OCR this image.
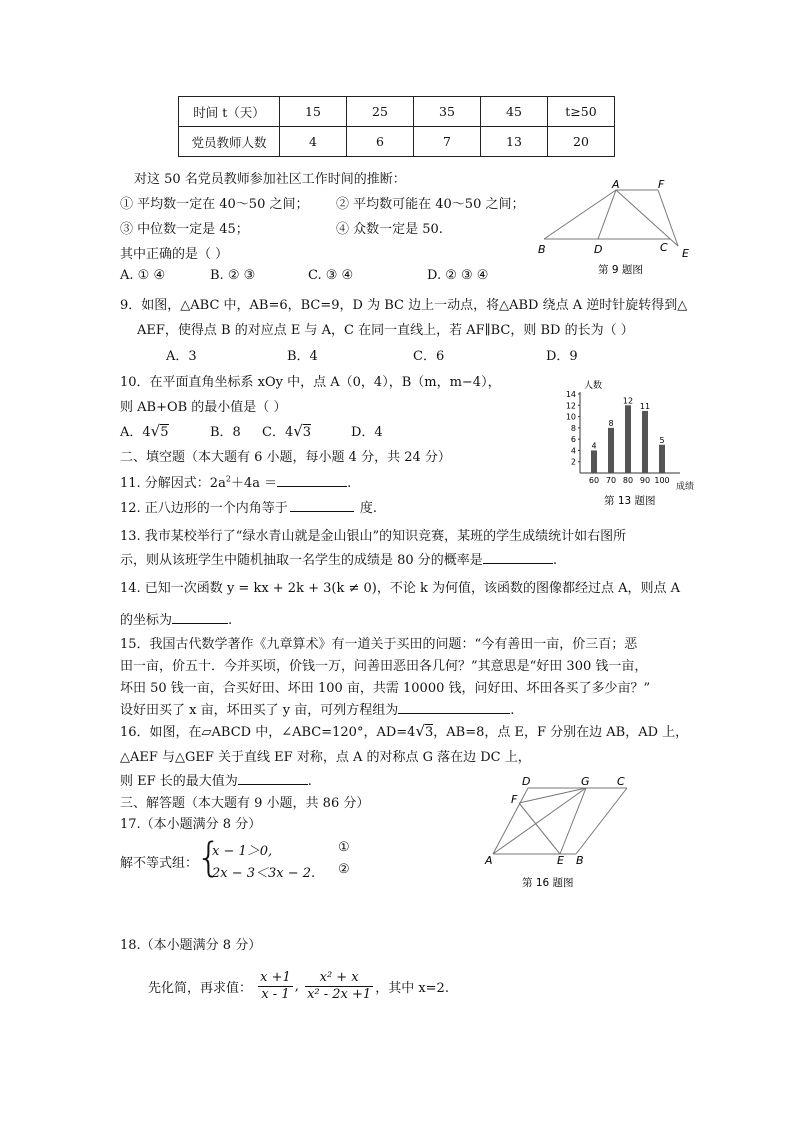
时间 t（天）	15	25	35	45	t≥50
党员教师人数	4	6	7	13	20
对这 50 名党员教师参加社区工作时间的推断：
① 平均数一定在 40～50 之间； ② 平均数可能在 40～50 之间；
③ 中位数一定是 45；	④ 众数一定是 50.
其中正确的是（ ）
A. ① ④	B. ② ③	C. ③ ④	D. ② ③ ④
A	F
B	D	C E
第 9 题图
9．如图，△ABC 中，AB=6，BC=9，D 为 BC 边上一动点，将△ABD 绕点 A 逆时针旋转得到△
AEF，使得点 B 的对应点 E 与 A，C 在同一直线上，若 AF∥BC，则 BD 的长为（ ）
A．3	B．4	C．6	D．9
10．在平面直角坐标系 xOy 中，点 A（0，4），B（m，m−4），
则 AB+OB 的最小值是（ ）
A．4√5	B．8 C．4√3	D．4
人数
成绩
第 13 题图
2
4
6
8
10
12
14
4
60
8
70
12
80
11
90
5
100
二、填空题（本大题有 6 小题，每小题 4 分，共 24 分）
11. 分解因式：$2a^2+4a$ ＝	.
12. 正八边形的一个内角等于	度.
13. 我市某校举行了“绿水青山就是金山银山”的知识竞赛，某班的学生成绩统计如右图所
示，则从该班学生中随机抽取一名学生的成绩是 80 分的概率是	.
14. 已知一次函数 y = kx + 2k + 3(k ≠ 0)，不论 k 为何值，该函数的图像都经过点 A，则点 A
的坐标为	.
15．我国古代数学著作《九章算术》有一道关于买田的问题：“今有善田一亩，价三百；恶
田一亩，价五十．今并买顷，价钱一万，问善田恶田各几何？”其意思是“好田 300 钱一亩，
坏田 50 钱一亩，合买好田、坏田 100 亩，共需 10000 钱，问好田、坏田各买了多少亩？”
设好田买了 x 亩，坏田买了 y 亩，可列方程组为	.
16．如图，在▱ABCD 中，∠ABC=120°，AD=4√3，AB=8，点 E，F 分别在边 AB，AD 上，
△AEF 与△GEF 关于直线 EF 对称，点 A 的对称点 G 落在边 DC 上，
则 EF 长的最大值为	.	D	G C
F
A	E B
第 16 题图
三、解答题（本大题有 9 小题，共 86 分）
17.（本小题满分 8 分）
解不等式组：
{
x − 1＞0,
2x − 3＜3x − 2.
①
②
18.（本小题满分 8 分）
先化简，再求值： $\frac{x +1}{x - 1}$ , $\frac{\text{x² + x}}{\text{x² - 2x +1}}$ ，其中 x=2.
